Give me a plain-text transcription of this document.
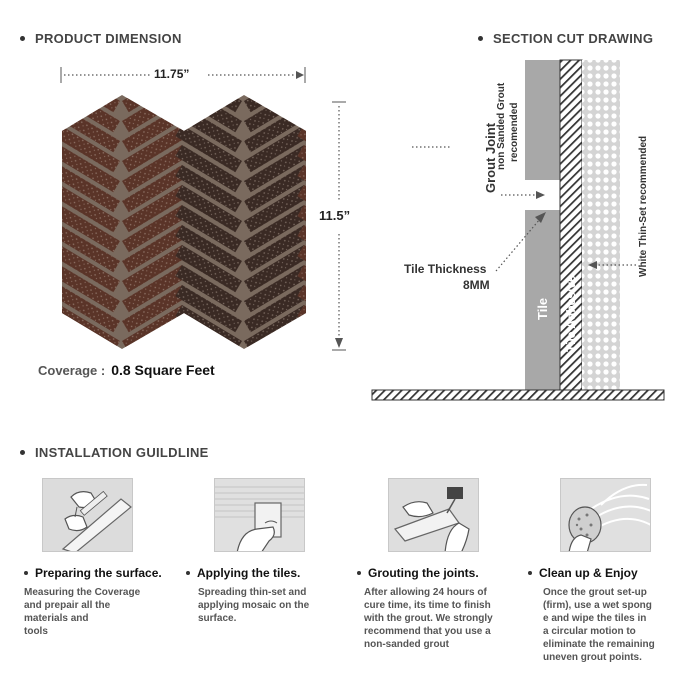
PRODUCT DIMENSION
11.75”
11.5”
Coverage : 0.8 Square Feet
SECTION CUT DRAWING
Grout Joint
non Sanded Grout recomended
White Thin-Set recommended
Tile Tile Adhesive
Tile Thickness
8MM
INSTALLATION GUILDLINE
Preparing the surface.
Measuring the Coverage
and prepair all the
materials and
tools
Applying the tiles.
Spreading thin-set and
applying mosaic on the
surface.
Grouting the joints.
After allowing 24 hours of
cure time, its time to finish
with the grout. We strongly
recommend that you use a
non-sanded grout
Clean up & Enjoy
Once the grout set-up
(firm), use a wet spong
e and wipe the tiles in
a circular motion to
eliminate the remaining
uneven grout points.
